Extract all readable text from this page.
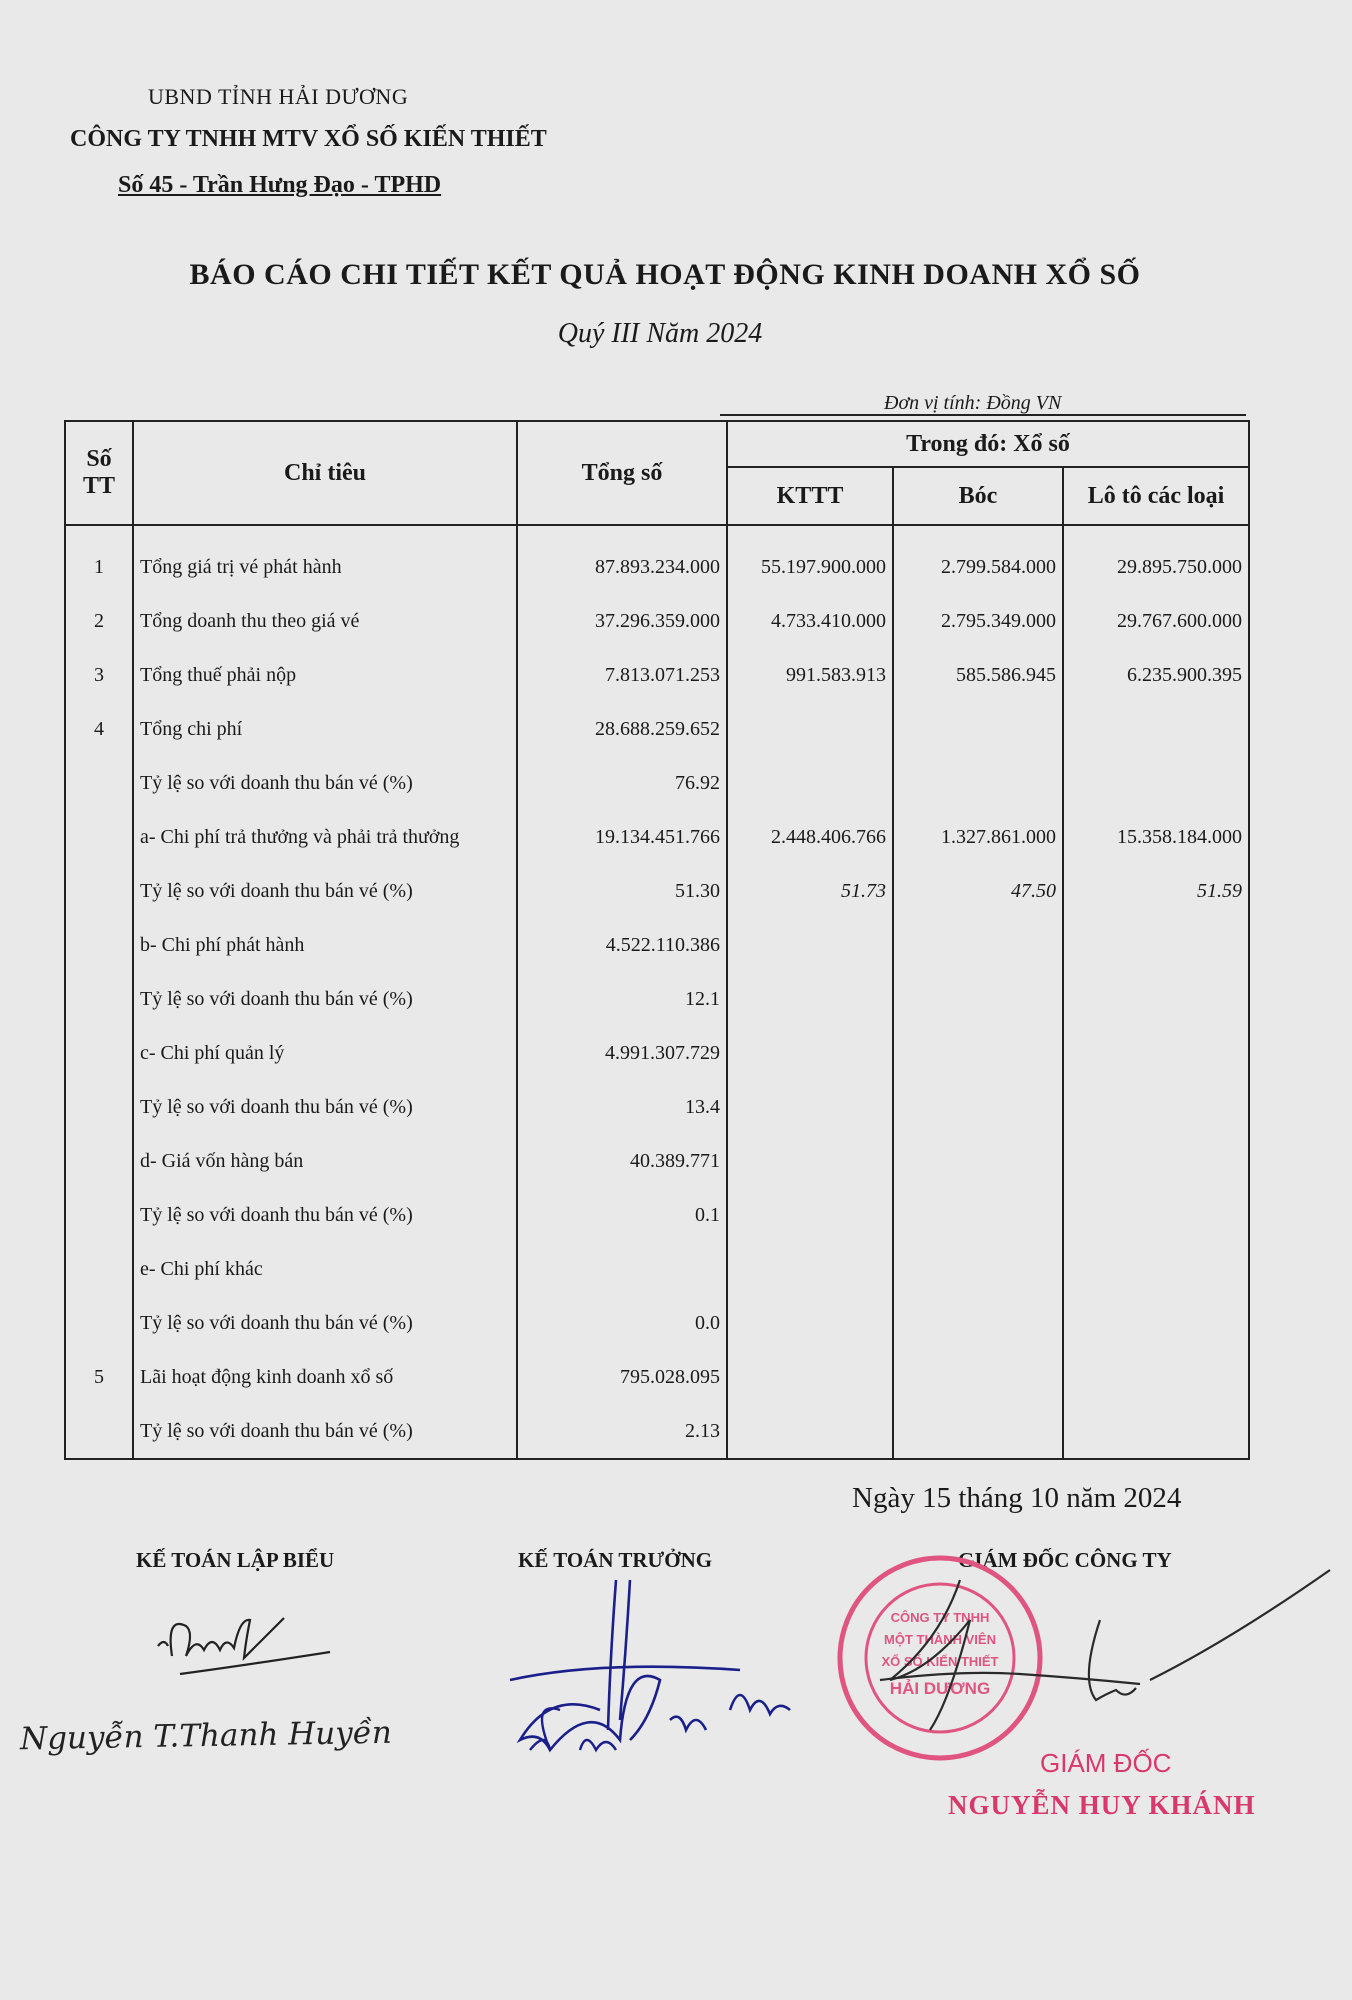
UBND TỈNH HẢI DƯƠNG
CÔNG TY TNHH MTV XỔ SỐ KIẾN THIẾT
Số 45 - Trần Hưng Đạo - TPHD
BÁO CÁO CHI TIẾT KẾT QUẢ HOẠT ĐỘNG KINH DOANH XỔ SỐ
Quý III Năm 2024
Đơn vị tính: Đồng VN
Số TT	Chỉ tiêu	Tổng số	Trong đó: Xổ số		
			KTTT	Bóc	Lô tô các loại
1	Tổng giá trị vé phát hành	87.893.234.000	55.197.900.000	2.799.584.000	29.895.750.000
2	Tổng doanh thu theo giá vé	37.296.359.000	4.733.410.000	2.795.349.000	29.767.600.000
3	Tổng thuế phải nộp	7.813.071.253	991.583.913	585.586.945	6.235.900.395
4	Tổng chi phí	28.688.259.652			
	Tỷ lệ so với doanh thu bán vé (%)	76.92			
	a- Chi phí trả thưởng và phải trả thưởng	19.134.451.766	2.448.406.766	1.327.861.000	15.358.184.000
	Tỷ lệ so với doanh thu bán vé (%)	51.30	51.73	47.50	51.59
	b- Chi phí phát hành	4.522.110.386			
	Tỷ lệ so với doanh thu bán vé (%)	12.1			
	c- Chi phí quản lý	4.991.307.729			
	Tỷ lệ so với doanh thu bán vé (%)	13.4			
	d- Giá vốn hàng bán	40.389.771			
	Tỷ lệ so với doanh thu bán vé (%)	0.1			
	e- Chi phí khác				
	Tỷ lệ so với doanh thu bán vé (%)	0.0			
5	Lãi hoạt động kinh doanh xổ số	795.028.095			
	Tỷ lệ so với doanh thu bán vé (%)	2.13			
Ngày 15 tháng 10 năm 2024
KẾ TOÁN LẬP BIỂU	KẾ TOÁN TRƯỞNG	GIÁM ĐỐC CÔNG TY
Nguyễn T.Thanh Huyền
CÔNG TY TNHH
MỘT THÀNH VIÊN
XỔ SỐ KIẾN THIẾT
HẢI DƯƠNG
GIÁM ĐỐC
NGUYỄN HUY KHÁNH
